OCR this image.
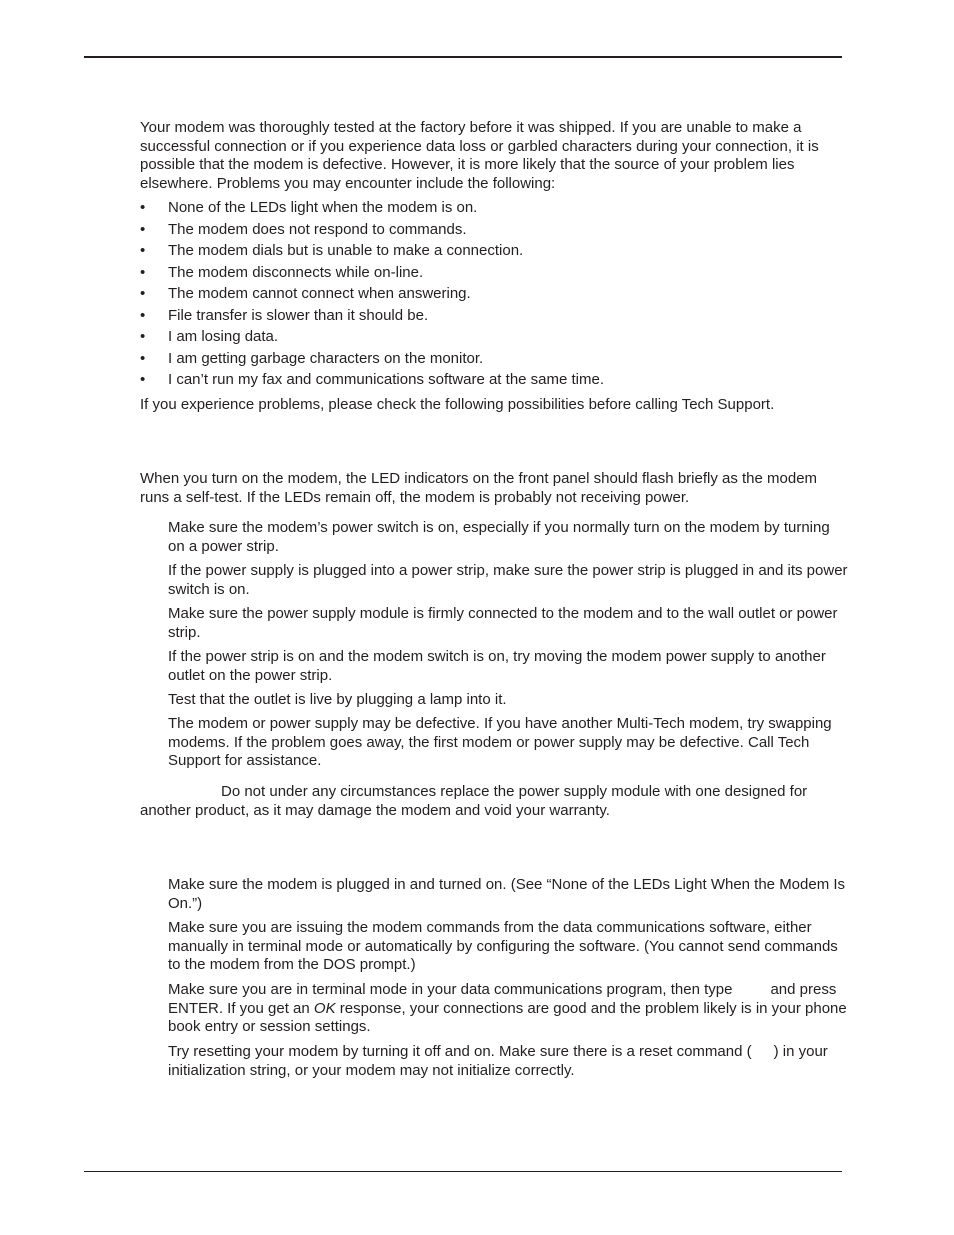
Your modem was thoroughly tested at the factory before it was shipped. If you are unable to make a successful connection or if you experience data loss or garbled characters during your connection, it is possible that the modem is defective. However, it is more likely that the source of your problem lies elsewhere. Problems you may encounter include the following:

• None of the LEDs light when the modem is on.
• The modem does not respond to commands.
• The modem dials but is unable to make a connection.
• The modem disconnects while on-line.
• The modem cannot connect when answering.
• File transfer is slower than it should be.
• I am losing data.
• I am getting garbage characters on the monitor.
• I can’t run my fax and communications software at the same time.

If you experience problems, please check the following possibilities before calling Tech Support.

When you turn on the modem, the LED indicators on the front panel should flash briefly as the modem runs a self-test. If the LEDs remain off, the modem is probably not receiving power.

Make sure the modem’s power switch is on, especially if you normally turn on the modem by turning on a power strip.

If the power supply is plugged into a power strip, make sure the power strip is plugged in and its power switch is on.

Make sure the power supply module is firmly connected to the modem and to the wall outlet or power strip.

If the power strip is on and the modem switch is on, try moving the modem power supply to another outlet on the power strip.

Test that the outlet is live by plugging a lamp into it.

The modem or power supply may be defective. If you have another Multi-Tech modem, try swapping modems. If the problem goes away, the first modem or power supply may be defective. Call Tech Support for assistance.

Do not under any circumstances replace the power supply module with one designed for another product, as it may damage the modem and void your warranty.

Make sure the modem is plugged in and turned on. (See “None of the LEDs Light When the Modem Is On.”)

Make sure you are issuing the modem commands from the data communications software, either manually in terminal mode or automatically by configuring the software. (You cannot send commands to the modem from the DOS prompt.)

Make sure you are in terminal mode in your data communications program, then type	and press ENTER. If you get an OK response, your connections are good and the problem likely is in your phone book entry or session settings.

Try resetting your modem by turning it off and on. Make sure there is a reset command ( ) in your initialization string, or your modem may not initialize correctly.
